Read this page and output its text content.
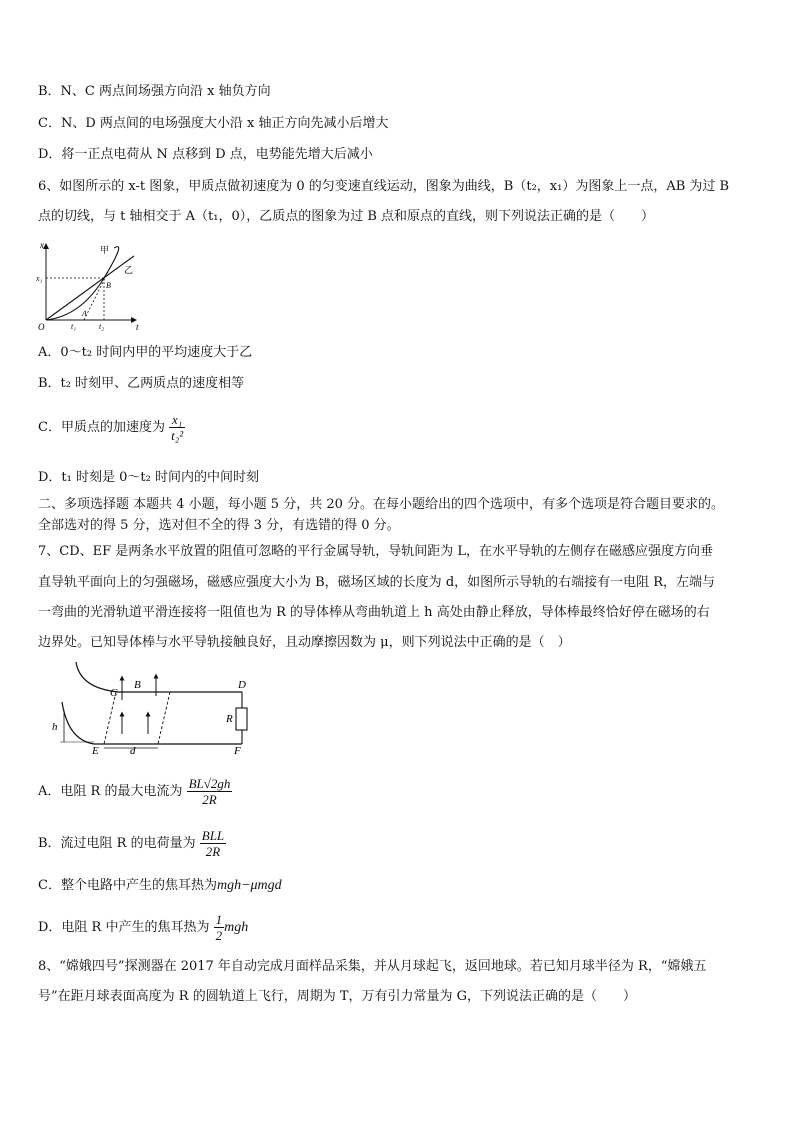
B．N、C 两点间场强方向沿 x 轴负方向
C．N、D 两点间的电场强度大小沿 x 轴正方向先减小后增大
D．将一正点电荷从 N 点移到 D 点，电势能先增大后减小
6、如图所示的 x-t 图象，甲质点做初速度为 0 的匀变速直线运动，图象为曲线，B（t₂，x₁）为图象上一点，AB 为过 B
点的切线，与 t 轴相交于 A（t₁，0），乙质点的图象为过 B 点和原点的直线，则下列说法正确的是（　　）
x
t
O
x₁
t₁	t₂
甲
乙
B
A
A．0～t₂ 时间内甲的平均速度大于乙
B．t₂ 时刻甲、乙两质点的速度相等
C．甲质点的加速度为 $\frac{\text{x₁}}{\text{t₂²}}$
D．t₁ 时刻是 0～t₂ 时间内的中间时刻
二、多项选择题 本题共 4 小题，每小题 5 分，共 20 分。在每小题给出的四个选项中，有多个选项是符合题目要求的。
全部选对的得 5 分，选对但不全的得 3 分，有选错的得 0 分。
7、CD、EF 是两条水平放置的阻值可忽略的平行金属导轨，导轨间距为 L，在水平导轨的左侧存在磁感应强度方向垂
直导轨平面向上的匀强磁场，磁感应强度大小为 B，磁场区域的长度为 d，如图所示导轨的右端接有一电阻 R，左端与
一弯曲的光滑轨道平滑连接将一阻值也为 R 的导体棒从弯曲轨道上 h 高处由静止释放，导体棒最终恰好停在磁场的右
边界处。已知导体棒与水平导轨接触良好，且动摩擦因数为 μ，则下列说法中正确的是（　）
C
B	D
R
h
E	d	F
A．电阻 R 的最大电流为 $\frac{BL√2gh}{2R}$
B．流过电阻 R 的电荷量为 $\frac{\text{BLL}}{2R}$
C．整个电路中产生的焦耳热为mgh−μmgd
D．电阻 R 中产生的焦耳热为 $\frac{1}{2}$ mgh
8、“嫦娥四号”探测器在 2017 年自动完成月面样品采集，并从月球起飞，返回地球。若已知月球半径为 R，“嫦娥五
号”在距月球表面高度为 R 的圆轨道上飞行，周期为 T，万有引力常量为 G，下列说法正确的是（　　）
